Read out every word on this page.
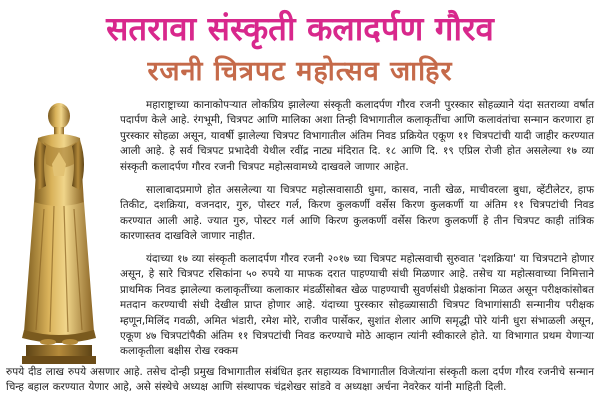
सतरावा संस्कृती कलादर्पण गौरव
रजनी चित्रपट महोत्सव जाहिर

महाराष्ट्राच्या कानाकोपऱ्यात लोकप्रिय झालेल्या संस्कृती कलादर्पण गौरव रजनी पुरस्कार सोहळ्याने यंदा सतराव्या वर्षात पदार्पण केले आहे. रंगभूमी, चित्रपट आणि मालिका अशा तिन्ही विभागातील कलाकृतींचा आणि कलावंतांचा सन्मान करणारा हा पुरस्कार सोहळा असून, यावर्षी झालेल्या चित्रपट विभागातील अंतिम निवड प्रक्रियेत एकूण ११ चित्रपटांची यादी जाहीर करण्यात आली आहे. हे सर्व चित्रपट प्रभादेवी येथील रवींद्र नाट्य मंदिरात दि. १८ आणि दि. १९ एप्रिल रोजी होत असलेल्या १७ व्या संस्कृती कलादर्पण गौरव रजनी चित्रपट महोत्सवामध्ये दाखवले जाणार आहेत.

सालाबादप्रमाणे होत असलेल्या या चित्रपट महोत्सवासाठी धुमा, कासव, नाती खेळ, माचीवरला बुधा, व्हेंटीलेटर, हाफ तिकीट, दशक्रिया, वजनदार, गुरु, पोस्टर गर्ल, किरण कुलकर्णी वर्सेस किरण कुलकर्णी या अंतिम ११ चित्रपटांची निवड करण्यात आली आहे. ज्यात गुरु, पोस्टर गर्ल आणि किरण कुलकर्णी वर्सेस किरण कुलकर्णी हे तीन चित्रपट काही तांत्रिक कारणास्तव दाखविले जाणार नाहीत.

यंदाच्या १७ व्या संस्कृती कलादर्पण गौरव रजनी २०१७ च्या चित्रपट महोत्सवाची सुरुवात 'दशक्रिया' या चित्रपटाने होणार असून, हे सारे चित्रपट रसिकांना ५० रुपये या माफक दरात पाहण्याची संधी मिळणार आहे. तसेच या महोत्सवाच्या निमित्ताने प्राथमिक निवड झालेल्या कलाकृतींच्या कलाकार मंडळींसोबत खेळ पाहण्याची सुवर्णसंधी प्रेक्षकांना मिळत असून परीक्षकांसोबत मतदान करण्याची संधी देखील प्राप्त होणार आहे. यंदाच्या पुरस्कार सोहळ्यासाठी चित्रपट विभागांसाठी सन्मानीय परीक्षक म्हणून,मिलिंद गवळी, अमित भंडारी, रमेश मोरे, राजीव पार्सेकर, सुशांत शेलार आणि समृद्धी पोरे यांनी धुरा संभाळली असून, एकूण ४७ चित्रपटांपैकी अंतिम ११ चित्रपटांची निवड करण्याचे मोठे आव्हान त्यांनी स्वीकारले होते. या विभागात प्रथम येणाऱ्या कलाकृतीला बक्षीस रोख रक्कम

रुपये दीड लाख रुपये असणार आहे. तसेच दोन्ही प्रमुख विभागातील संबंधित इतर सहाय्यक विभागातील विजेत्यांना संस्कृती कला दर्पण गौरव रजनीचे सन्मान चिन्ह बहाल करण्यात येणार आहे, असे संस्थेचे अध्यक्ष आणि संस्थापक चंद्रशेखर सांडवे व अध्यक्षा अर्चना नेवरेकर यांनी माहिती दिली.
